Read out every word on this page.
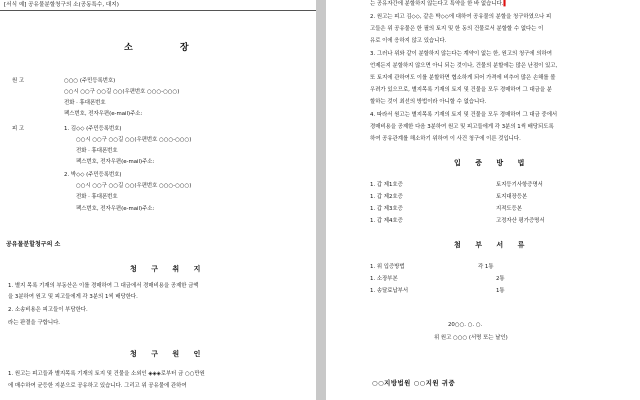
[서식 예] 공유물분할청구의 소(공동특수, 대지)
소 장
원 고	○○○ (주민등록번호)
○○시 ○○구 ○○길 ○○(우편번호 ○○○-○○○)
전화 · 휴대폰번호
팩스번호, 전자우편(e-mail)주소:
피 고	1. 김◇◇ (주민등록번호)
○○시 ○○구 ○○길 ○○(우편번호 ○○○-○○○)
전화 · 휴대폰번호
팩스번호, 전자우편(e-mail)주소:
2. 박◇◇ (주민등록번호)
○○시 ○○구 ○○길 ○○(우편번호 ○○○-○○○)
전화 · 휴대폰번호
팩스번호, 전자우편(e-mail)주소:
공유물분할청구의 소
청 구 취 지
1. 별지 목록 기재의 부동산은 이를 경매하여 그 대금에서 경매비용을 공제한 금액
을 3분하여 원고 및 피고들에게 각 3분의 1씩 배당한다.
2. 소송비용은 피고들이 부담한다.
라는 판결을 구합니다.
청 구 원 인
1. 원고는 피고들과 별지목록 기재의 토지 및 건물을 소외인 ◈◈◈로부터 금 ○○만원
에 매수하여 균등한 지분으로 공유하고 있습니다. 그리고 위 공유물에 관하여
는 공유자간에 분할하지 않는다고 특약을 한 바 없습니다.▌
2. 원고는 피고 김◇◇, 같은 박◇◇에 대하여 공유물의 분할을 청구하였으나 피
고들은 위 공유물은 한 필의 토지 및 한 동의 건물로서 분할할 수 없다는 이
유로 이에 응하지 않고 있습니다.
3. 그러나 위와 같이 분할하지 않는다는 계약이 없는 한, 원고의 청구에 의하여
언제든지 분할하지 않으면 아니 되는 것이나, 건물의 분할에는 많은 난점이 있고,
또 토지에 관하여도 이를 분할하면 협소하게 되어 가격에 비추어 많은 손해를 볼
우려가 있으므로, 별지목록 기재의 토지 및 건물을 모두 경매하여 그 대금을 분
할하는 것이 최선의 방법이라 아니할 수 없습니다.
4. 따라서 원고는 별지목록 기재의 토지 및 건물을 모두 경매하여 그 대금 중에서
경매비용을 공제한 다음 3분하여 원고 및 피고들에게 각 3분의 1씩 배당되도록
하여 공유관계를 해소하기 위하여 이 사건 청구에 이른 것입니다.
입 증 방 법
1. 갑 제1호증	토지등기사항증명서
1. 갑 제2호증	토지대장등본
1. 갑 제3호증	지적도등본
1. 갑 제4호증	고정자산 평가증명서
첨 부 서 류
1. 위 입증방법	각 1통
1. 소장부본	2통
1. 송달료납부서	1통
20○○. ○. ○.
위 원고 ○○○ (서명 또는 날인)
○○지방법원 ○○지원 귀중
